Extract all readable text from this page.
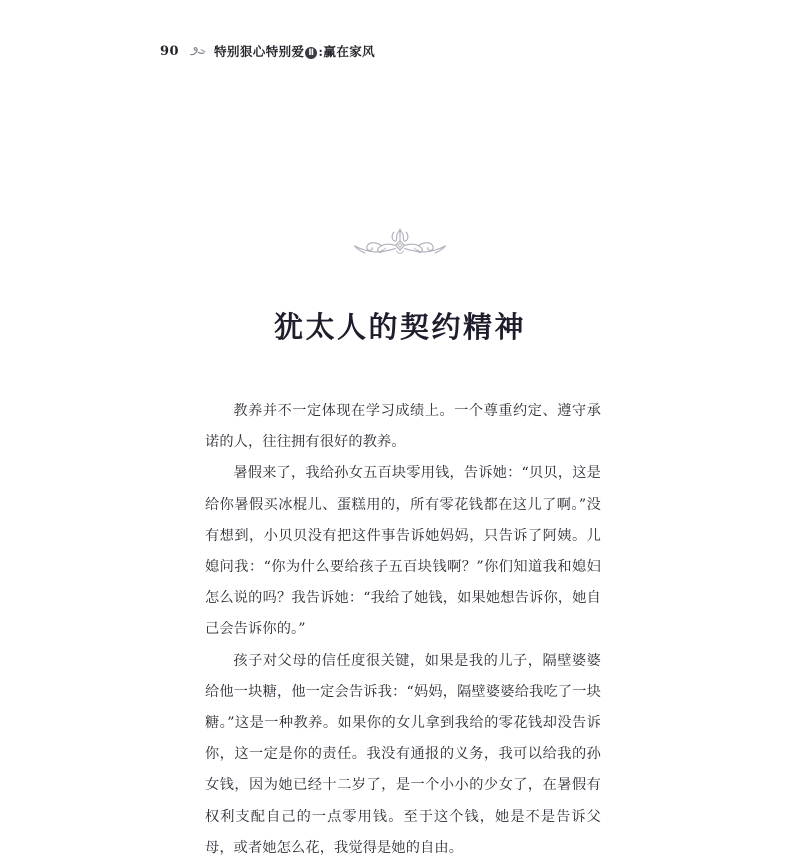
90	特别狠心特别爱 Ⅱ :赢在家风
犹太人的契约精神

教养并不一定体现在学习成绩上。一个尊重约定、遵守承诺的人，往往拥有很好的教养。

暑假来了，我给孙女五百块零用钱，告诉她：“贝贝，这是给你暑假买冰棍儿、蛋糕用的，所有零花钱都在这儿了啊。”没有想到，小贝贝没有把这件事告诉她妈妈，只告诉了阿姨。儿媳问我：“你为什么要给孩子五百块钱啊？”你们知道我和媳妇怎么说的吗？我告诉她：“我给了她钱，如果她想告诉你，她自己会告诉你的。”

孩子对父母的信任度很关键，如果是我的儿子，隔壁婆婆给他一块糖，他一定会告诉我：“妈妈，隔壁婆婆给我吃了一块糖。”这是一种教养。如果你的女儿拿到我给的零花钱却没告诉你，这一定是你的责任。我没有通报的义务，我可以给我的孙女钱，因为她已经十二岁了，是一个小小的少女了，在暑假有权利支配自己的一点零用钱。至于这个钱，她是不是告诉父母，或者她怎么花，我觉得是她的自由。
